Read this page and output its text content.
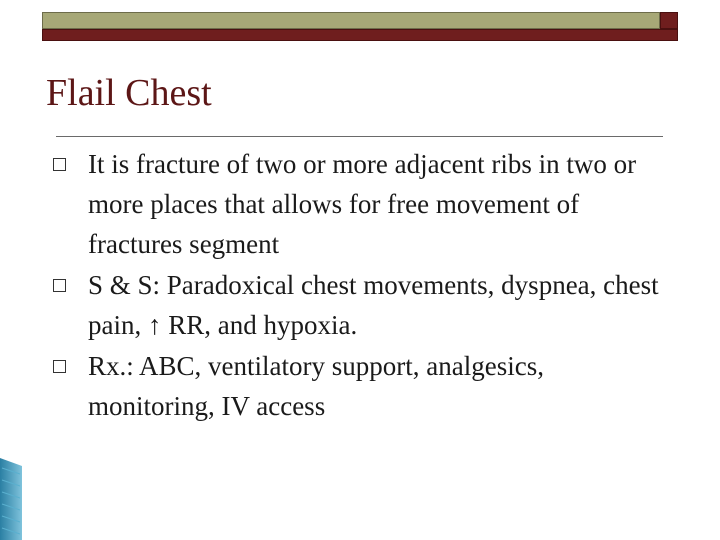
Flail Chest
It is fracture of two or more adjacent ribs in two or more places that allows for free movement of fractures segment
S & S: Paradoxical chest movements, dyspnea, chest pain, ↑ RR, and hypoxia.
Rx.: ABC, ventilatory support, analgesics, monitoring, IV access
